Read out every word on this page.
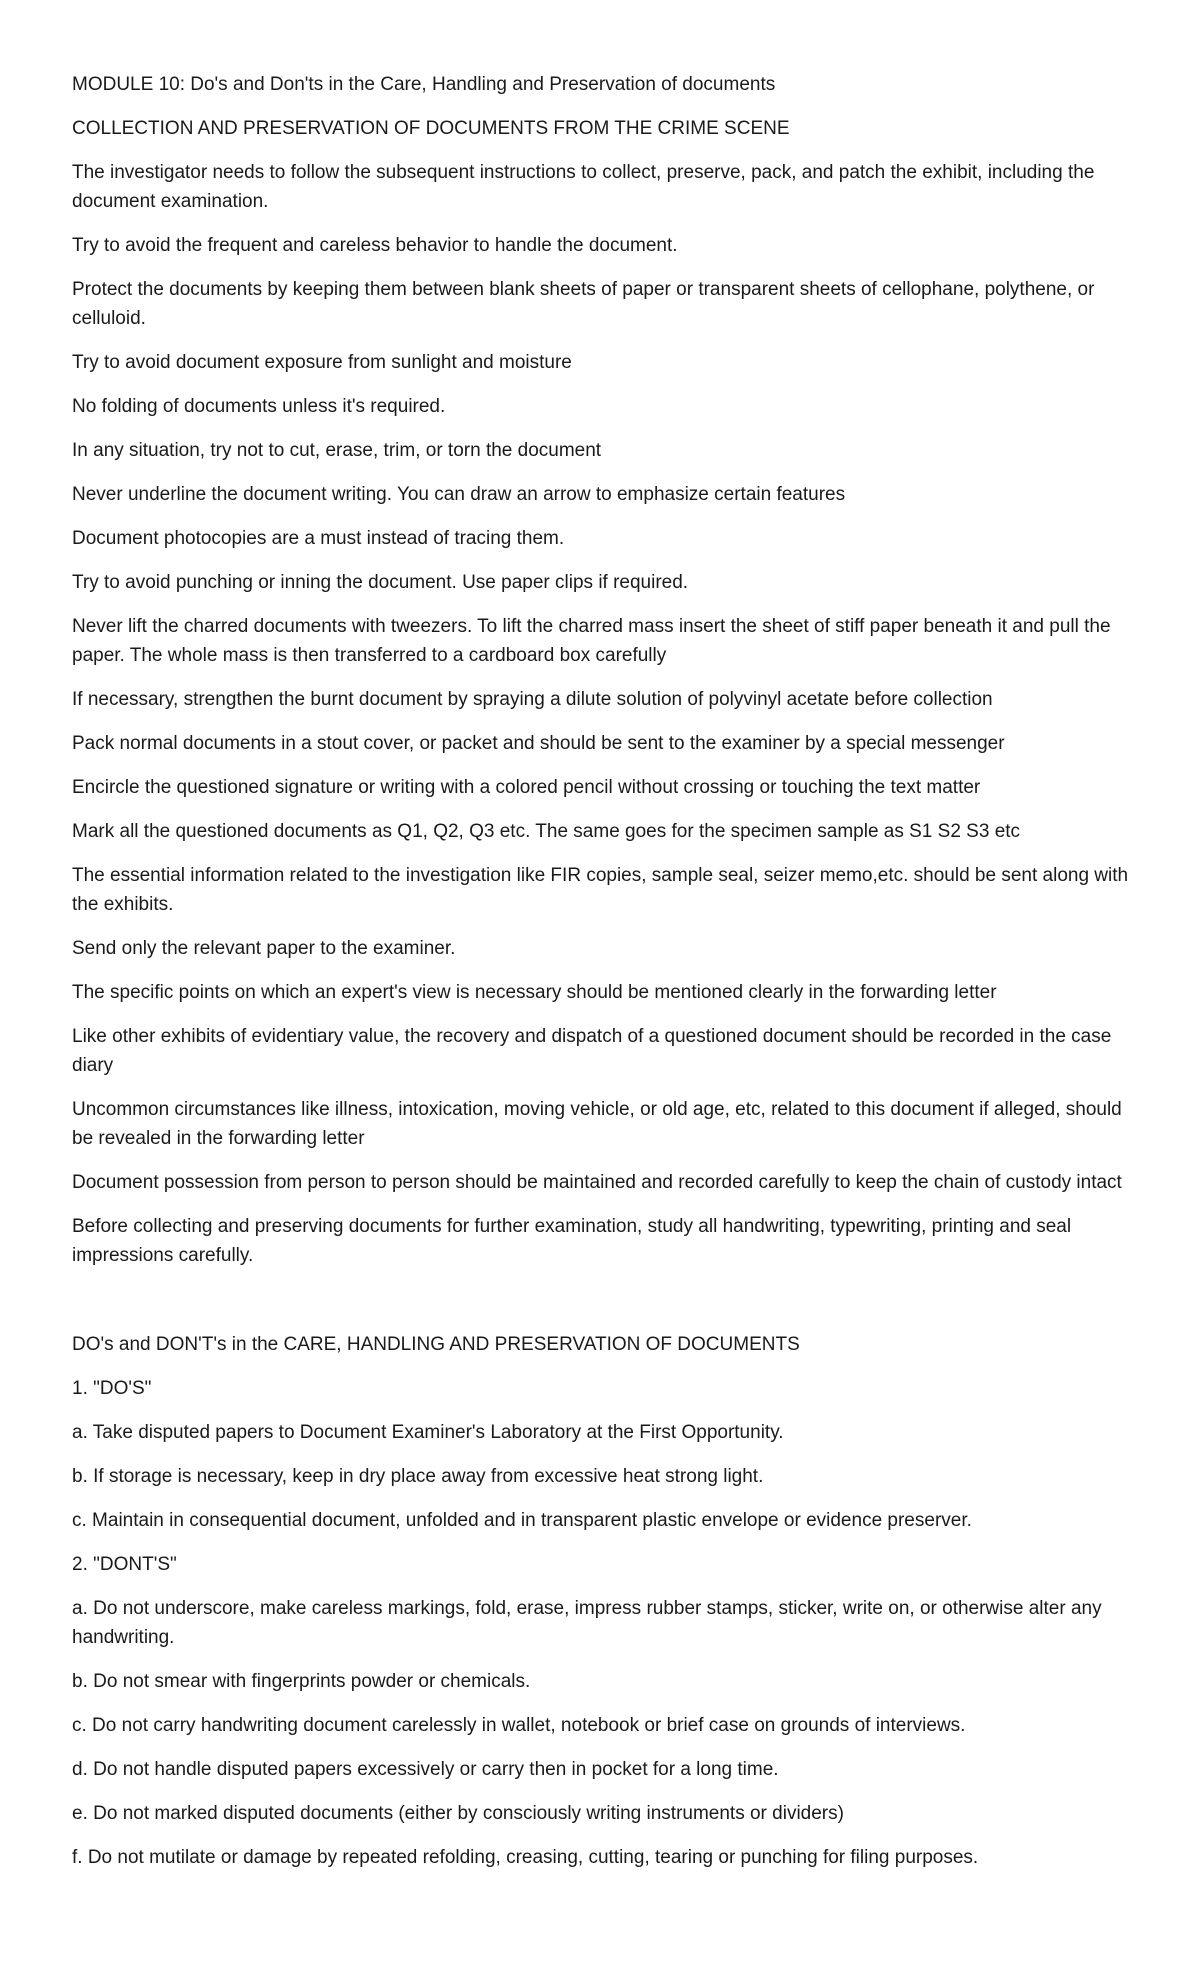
MODULE 10: Do's and Don'ts in the Care, Handling and Preservation of documents

COLLECTION AND PRESERVATION OF DOCUMENTS FROM THE CRIME SCENE

The investigator needs to follow the subsequent instructions to collect, preserve, pack, and patch the exhibit, including the document examination.

Try to avoid the frequent and careless behavior to handle the document.

Protect the documents by keeping them between blank sheets of paper or transparent sheets of cellophane, polythene, or celluloid.

Try to avoid document exposure from sunlight and moisture

No folding of documents unless it's required.

In any situation, try not to cut, erase, trim, or torn the document

Never underline the document writing. You can draw an arrow to emphasize certain features

Document photocopies are a must instead of tracing them.

Try to avoid punching or inning the document. Use paper clips if required.

Never lift the charred documents with tweezers. To lift the charred mass insert the sheet of stiff paper beneath it and pull the paper. The whole mass is then transferred to a cardboard box carefully

If necessary, strengthen the burnt document by spraying a dilute solution of polyvinyl acetate before collection

Pack normal documents in a stout cover, or packet and should be sent to the examiner by a special messenger

Encircle the questioned signature or writing with a colored pencil without crossing or touching the text matter

Mark all the questioned documents as Q1, Q2, Q3 etc. The same goes for the specimen sample as S1 S2 S3 etc

The essential information related to the investigation like FIR copies, sample seal, seizer memo,etc. should be sent along with the exhibits.

Send only the relevant paper to the examiner.

The specific points on which an expert's view is necessary should be mentioned clearly in the forwarding letter

Like other exhibits of evidentiary value, the recovery and dispatch of a questioned document should be recorded in the case diary

Uncommon circumstances like illness, intoxication, moving vehicle, or old age, etc, related to this document if alleged, should be revealed in the forwarding letter

Document possession from person to person should be maintained and recorded carefully to keep the chain of custody intact

Before collecting and preserving documents for further examination, study all handwriting, typewriting, printing and seal impressions carefully.

DO's and DON'T's in the CARE, HANDLING AND PRESERVATION OF DOCUMENTS

1. "DO'S"

a. Take disputed papers to Document Examiner's Laboratory at the First Opportunity.

b. If storage is necessary, keep in dry place away from excessive heat strong light.

c. Maintain in consequential document, unfolded and in transparent plastic envelope or evidence preserver.

2. "DONT'S"

a. Do not underscore, make careless markings, fold, erase, impress rubber stamps, sticker, write on, or otherwise alter any handwriting.

b. Do not smear with fingerprints powder or chemicals.

c. Do not carry handwriting document carelessly in wallet, notebook or brief case on grounds of interviews.

d. Do not handle disputed papers excessively or carry then in pocket for a long time.

e. Do not marked disputed documents (either by consciously writing instruments or dividers)

f. Do not mutilate or damage by repeated refolding, creasing, cutting, tearing or punching for filing purposes.
